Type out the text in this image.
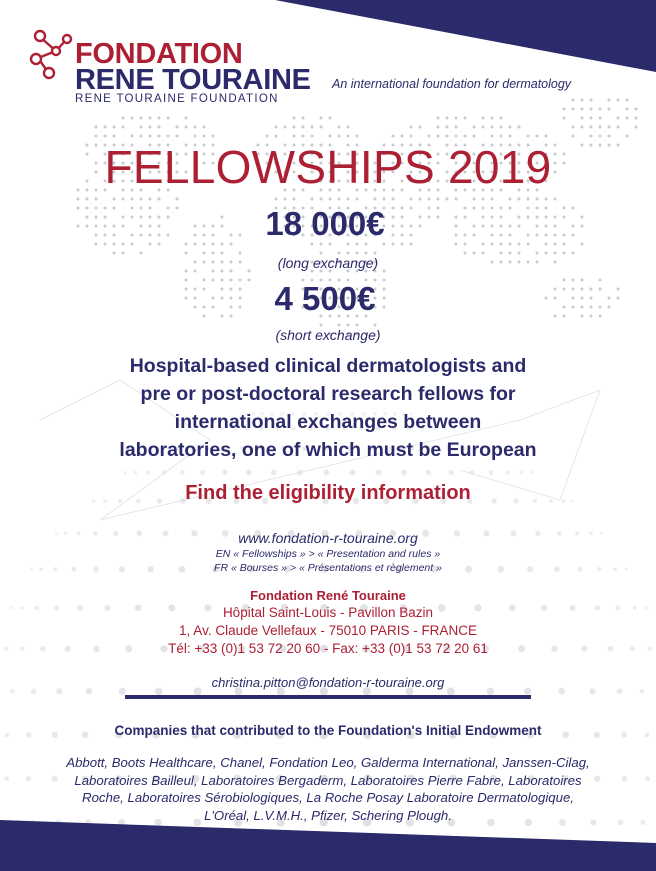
FONDATION
RENE TOURAINE
RENE TOURAINE FOUNDATION
An international foundation for dermatology
FELLOWSHIPS 2019
18 000€
(long exchange)
4 500€
(short exchange)
Hospital-based clinical dermatologists and
pre or post-doctoral research fellows for
international exchanges between
laboratories, one of which must be European
Find the eligibility information
www.fondation-r-touraine.org
EN « Fellowships » > « Presentation and rules »
FR « Bourses » > « Présentations et règlement »
Fondation René Touraine
Hôpital Saint-Louis - Pavillon Bazin
1, Av. Claude Vellefaux - 75010 PARIS - FRANCE
Tél: +33 (0)1 53 72 20 60 - Fax: +33 (0)1 53 72 20 61
christina.pitton@fondation-r-touraine.org
Companies that contributed to the Foundation's Initial Endowment
Abbott, Boots Healthcare, Chanel, Fondation Leo, Galderma International, Janssen-Cilag,
Laboratoires Bailleul, Laboratoires Bergaderm, Laboratoires Pierre Fabre, Laboratoires
Roche, Laboratoires Sérobiologiques, La Roche Posay Laboratoire Dermatologique,
L'Oréal, L.V.M.H., Pfizer, Schering Plough.
